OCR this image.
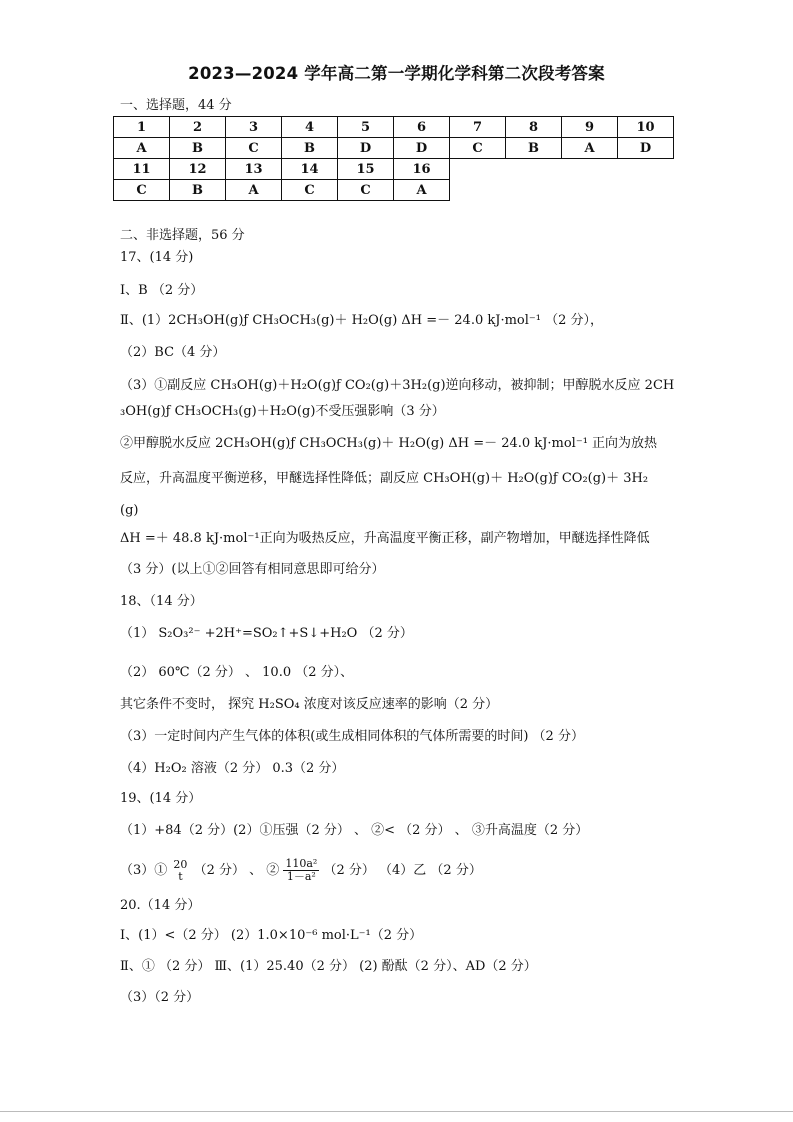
2023—2024 学年高二第一学期化学科第二次段考答案
一、选择题，44 分
1	2	3	4	5	6	7	8	9	10
A	B	C	B	D	D	C	B	A	D
11	12	13	14	15	16				
C	B	A	C	C	A				
二、非选择题，56 分
17、(14 分)
Ⅰ、B （2 分）
Ⅱ、(1）2CH₃OH(g)ƒ CH₃OCH₃(g)＋ H₂O(g) ΔH =－ 24.0 kJ·mol⁻¹ （2 分），
（2）BC（4 分）
（3）①副反应 CH₃OH(g)＋H₂O(g)ƒ CO₂(g)＋3H₂(g)逆向移动，被抑制；甲醇脱水反应 2CH
₃OH(g)ƒ CH₃OCH₃(g)＋H₂O(g)不受压强影响（3 分）
②甲醇脱水反应 2CH₃OH(g)ƒ CH₃OCH₃(g)＋ H₂O(g) ΔH =－ 24.0 kJ·mol⁻¹ 正向为放热
反应，升高温度平衡逆移，甲醚选择性降低；副反应 CH₃OH(g)＋ H₂O(g)ƒ CO₂(g)＋ 3H₂
(g)
ΔH =＋ 48.8 kJ·mol⁻¹正向为吸热反应，升高温度平衡正移，副产物增加，甲醚选择性降低
（3 分）(以上①②回答有相同意思即可给分）
18、（14 分）
（1） S₂O₃²⁻ +2H⁺=SO₂↑+S↓+H₂O （2 分）
（2） 60℃（2 分） 、 10.0 （2 分）、
其它条件不变时， 探究 H₂SO₄ 浓度对该反应速率的影响（2 分）
（3）一定时间内产生气体的体积(或生成相同体积的气体所需要的时间) （2 分）
（4）H₂O₂ 溶液（2 分） 0.3（2 分）
19、(14 分）
（1）+84（2 分）(2）①压强（2 分） 、 ②< （2 分） 、 ③升高温度（2 分）
（3）① 20
t （2 分） 、 ② $\frac{\text{110a²}}{\text{1－a²}} (2$ 分） （4）乙 （2 分）
20.（14 分）
Ⅰ、(1）<（2 分） (2）1.0×10⁻⁶ mol·L⁻¹（2 分）
Ⅱ、① （2 分） Ⅲ、(1）25.40（2 分） (2) 酚酞（2 分）、AD（2 分）
（3）（2 分）
